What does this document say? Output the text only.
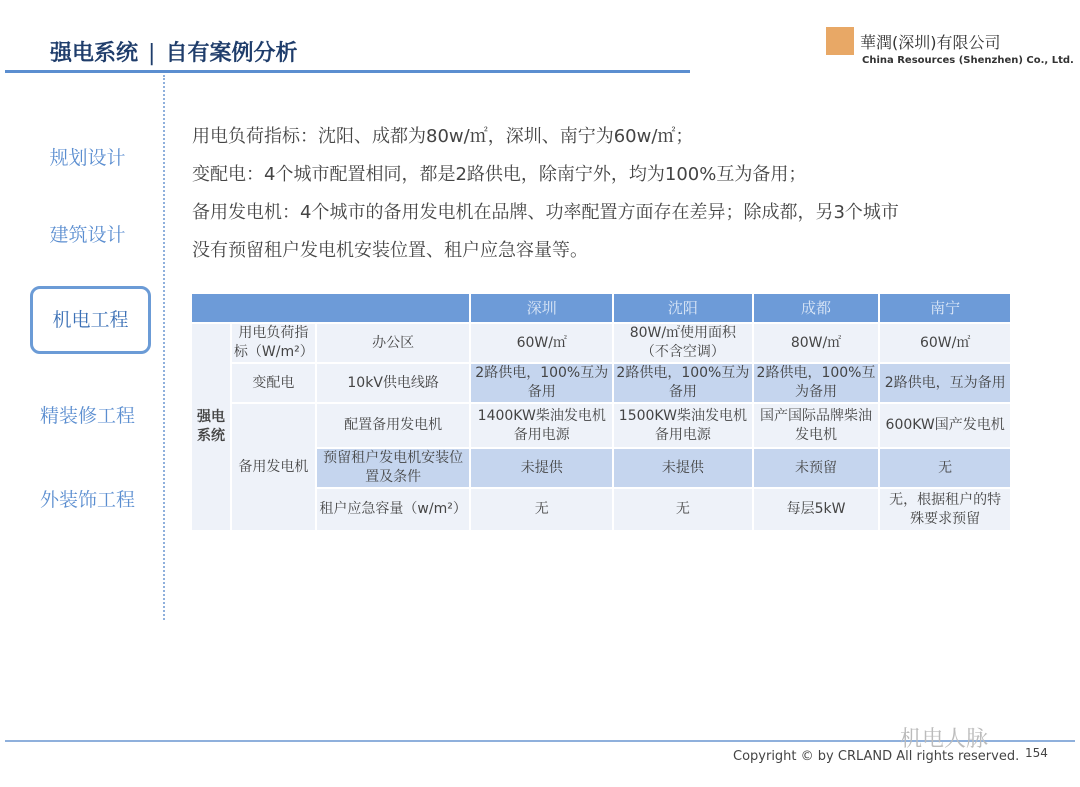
强电系统 | 自有案例分析	華潤(深圳)有限公司
China Resources (Shenzhen) Co., Ltd.
规划设计
建筑设计
机电工程
精装修工程
外装饰工程
用电负荷指标：沈阳、成都为80w/㎡，深圳、南宁为60w/㎡；
变配电：4个城市配置相同，都是2路供电，除南宁外，均为100%互为备用；
备用发电机：4个城市的备用发电机在品牌、功率配置方面存在差异；除成都，另3个城市
没有预留租户发电机安装位置、租户应急容量等。
			深圳	沈阳	成都	南宁
强电系统	用电负荷指标（W/m²）	办公区	60W/㎡	80W/㎡使用面积（不含空调）	80W/㎡	60W/㎡
	变配电	10kV供电线路	2路供电，100%互为备用	2路供电，100%互为备用	2路供电，100%互为备用	2路供电，互为备用
	备用发电机	配置备用发电机	1400KW柴油发电机备用电源	1500KW柴油发电机备用电源	国产国际品牌柴油发电机	600KW国产发电机
		预留租户发电机安装位置及条件	未提供	未提供	未预留	无
		租户应急容量（w/m²）	无	无	每层5kW	无，根据租户的特殊要求预留
机电人脉
Copyright © by CRLAND All rights reserved. 154
